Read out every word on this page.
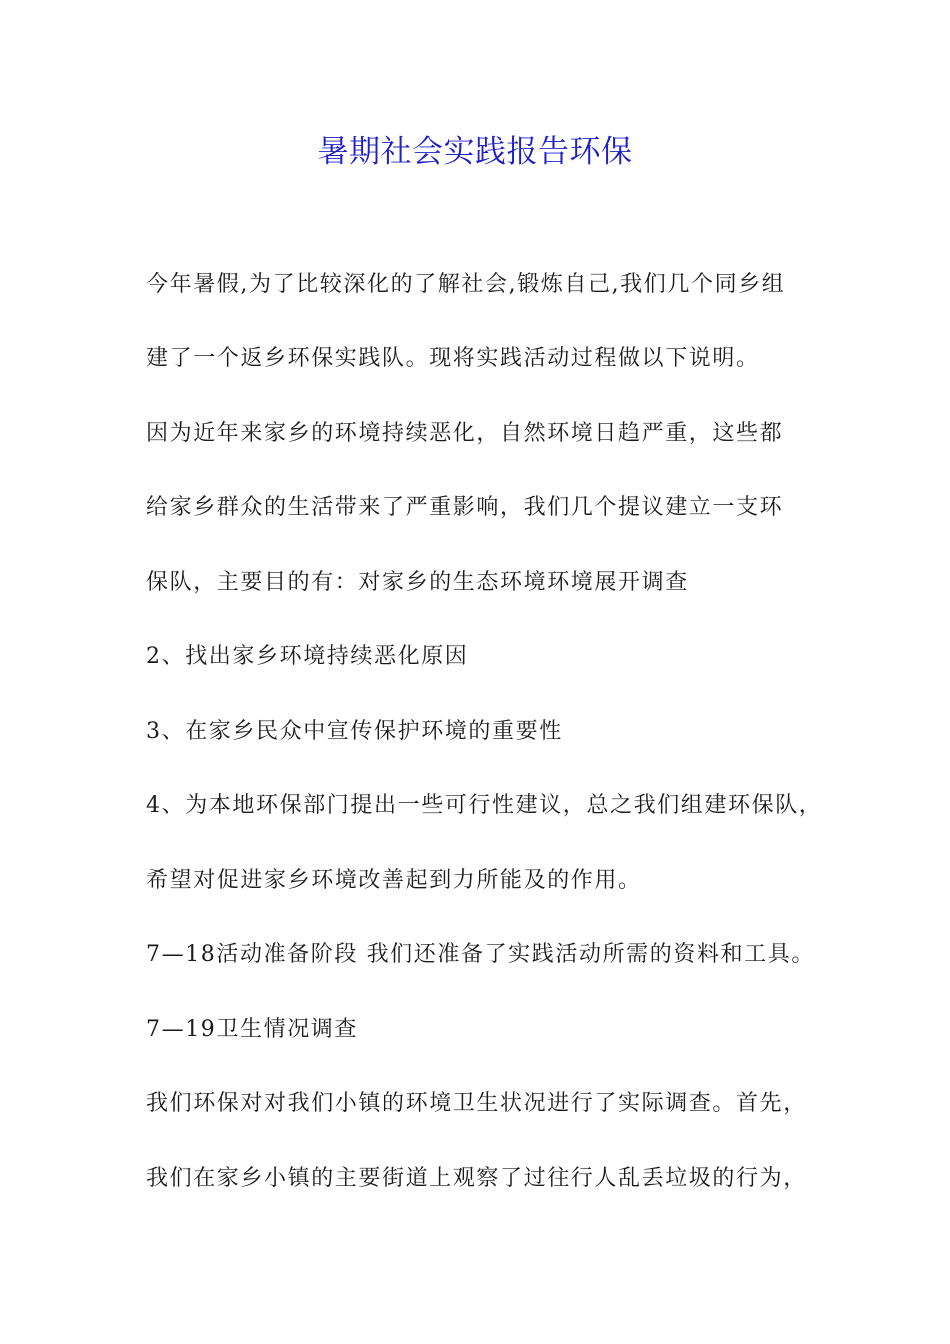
暑期社会实践报告环保
今年暑假,为了比较深化的了解社会,锻炼自己,我们几个同乡组
建了一个返乡环保实践队。现将实践活动过程做以下说明。
因为近年来家乡的环境持续恶化，自然环境日趋严重，这些都
给家乡群众的生活带来了严重影响，我们几个提议建立一支环
保队，主要目的有：对家乡的生态环境环境展开调查
2、找出家乡环境持续恶化原因
3、在家乡民众中宣传保护环境的重要性
4、为本地环保部门提出一些可行性建议，总之我们组建环保队，
希望对促进家乡环境改善起到力所能及的作用。
7—18活动准备阶段 我们还准备了实践活动所需的资料和工具。
7—19卫生情况调查
我们环保对对我们小镇的环境卫生状况进行了实际调查。首先，
我们在家乡小镇的主要街道上观察了过往行人乱丢垃圾的行为，
